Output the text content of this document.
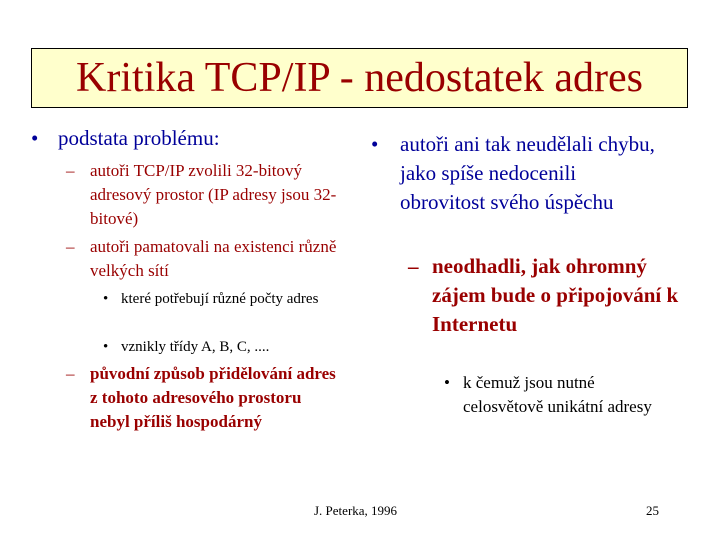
Kritika TCP/IP - nedostatek adres
• podstata problému:
– autoři TCP/IP zvolili 32-bitový adresový prostor (IP adresy jsou 32-bitové)
– autoři pamatovali na existenci různě velkých sítí
• které potřebují různé počty adres
• vznikly třídy A, B, C, ....
– původní způsob přidělování adres z tohoto adresového prostoru nebyl příliš hospodárný
• autoři ani tak neudělali chybu, jako spíše nedocenili obrovitost svého úspěchu
– neodhadli, jak ohromný zájem bude o připojování k Internetu
• k čemuž jsou nutné celosvětově unikátní adresy
J. Peterka, 1996	25
